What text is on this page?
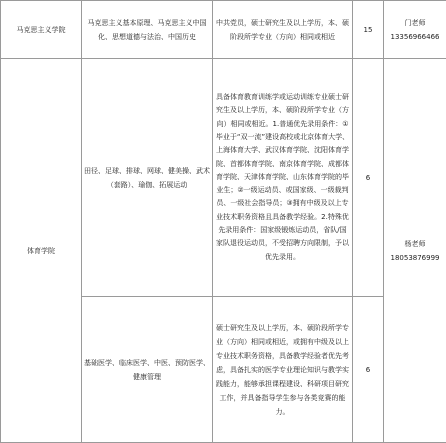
马克思主义学院	马克思主义基本原理、马克思主义中国化、思想道德与法治、中国历史	中共党员，硕士研究生及以上学历，本、硕阶段所学专业（方向）相同或相近	15	门老师
13356966466
体育学院	田径、足球、排球、网球、健美操、武术（套路）、瑜伽、拓展运动	具备体育教育训练学或运动训练专业硕士研究生及以上学历，本、硕阶段所学专业（方向）相同或相近。1.普通优先录用条件：①毕业于“双一流”建设高校或北京体育大学、上海体育大学、武汉体育学院、沈阳体育学院、首都体育学院、南京体育学院、成都体育学院、天津体育学院、山东体育学院的毕业生；②一级运动员、或国家级、一级裁判员、一级社会指导员；③拥有中级及以上专业技术职务资格且具备教学经验。2.特殊优先录用条件：国家级锻炼运动员，省队/国家队退役运动员，不受招聘方向限制，予以优先录用。	6	杨老师
18053876999
	基础医学、临床医学、中医、预防医学、健康管理	硕士研究生及以上学历，本、硕阶段所学专业（方向）相同或相近，或拥有中级及以上专业技术职务资格，具备教学经验者优先考虑，具备扎实的医学专业理论知识与教学实践能力，能够承担课程建设、科研项目研究工作，并具备指导学生参与各类竞赛的能力。	6	
